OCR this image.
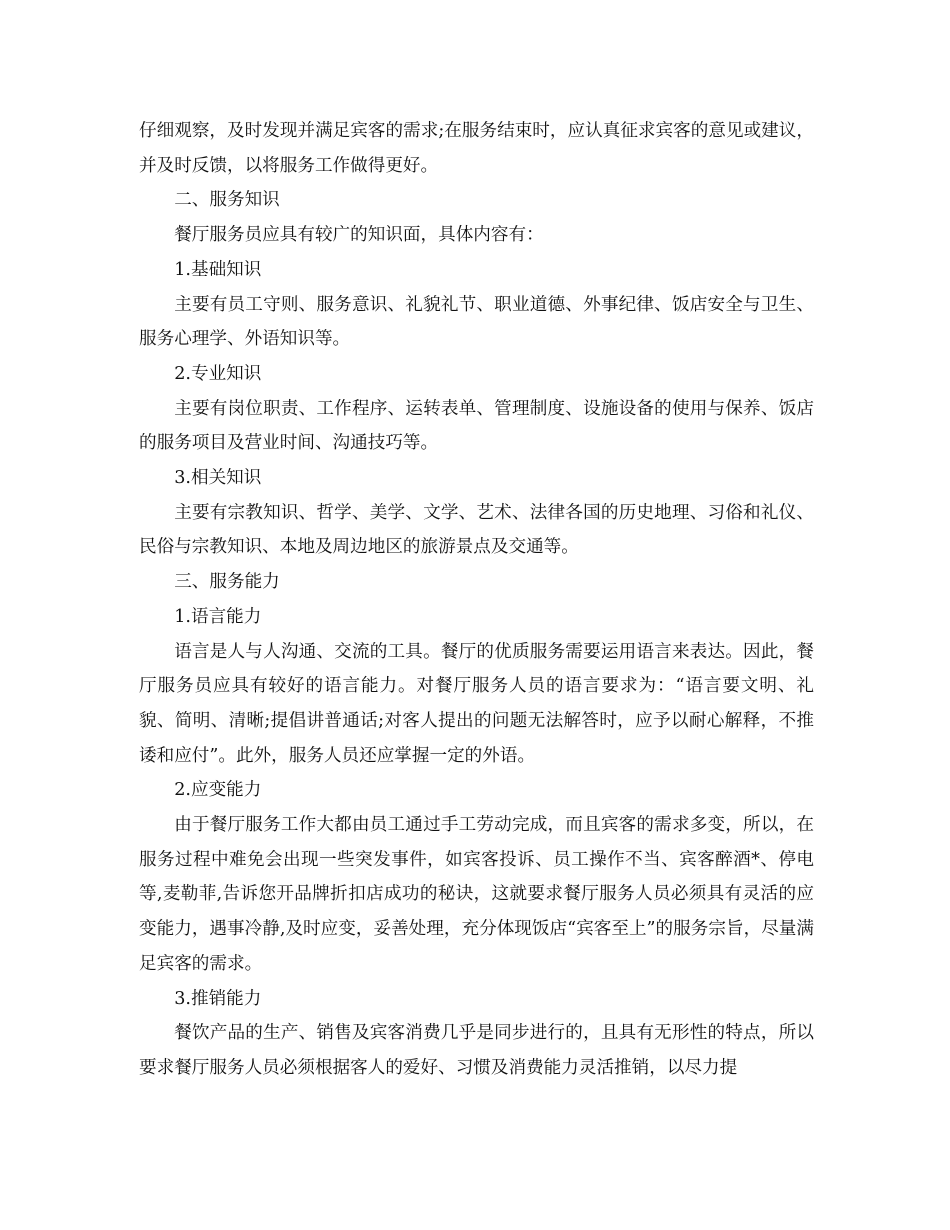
仔细观察，及时发现并满足宾客的需求;在服务结束时，应认真征求宾客的意见或建议，并及时反馈，以将服务工作做得更好。

二、服务知识

餐厅服务员应具有较广的知识面，具体内容有：

1.基础知识

主要有员工守则、服务意识、礼貌礼节、职业道德、外事纪律、饭店安全与卫生、服务心理学、外语知识等。

2.专业知识

主要有岗位职责、工作程序、运转表单、管理制度、设施设备的使用与保养、饭店的服务项目及营业时间、沟通技巧等。

3.相关知识

主要有宗教知识、哲学、美学、文学、艺术、法律各国的历史地理、习俗和礼仪、民俗与宗教知识、本地及周边地区的旅游景点及交通等。

三、服务能力

1.语言能力

语言是人与人沟通、交流的工具。餐厅的优质服务需要运用语言来表达。因此，餐厅服务员应具有较好的语言能力。对餐厅服务人员的语言要求为：“语言要文明、礼貌、简明、清晰;提倡讲普通话;对客人提出的问题无法解答时，应予以耐心解释，不推诿和应付”。此外，服务人员还应掌握一定的外语。

2.应变能力

由于餐厅服务工作大都由员工通过手工劳动完成，而且宾客的需求多变，所以，在服务过程中难免会出现一些突发事件，如宾客投诉、员工操作不当、宾客醉酒*、停电等,麦勒菲,告诉您开品牌折扣店成功的秘诀，这就要求餐厅服务人员必须具有灵活的应变能力，遇事冷静,及时应变，妥善处理，充分体现饭店“宾客至上”的服务宗旨，尽量满足宾客的需求。

3.推销能力

餐饮产品的生产、销售及宾客消费几乎是同步进行的，且具有无形性的特点，所以要求餐厅服务人员必须根据客人的爱好、习惯及消费能力灵活推销，以尽力提
